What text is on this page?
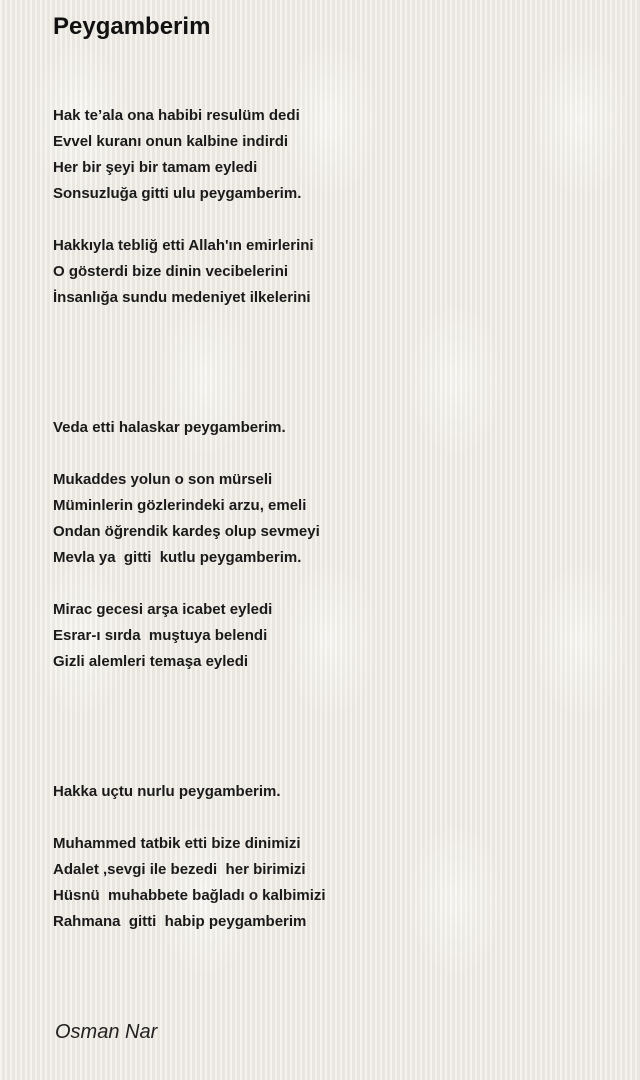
Peygamberim
Hak te’ala ona habibi resulüm dedi
Evvel kuranı onun kalbine indirdi
Her bir şeyi bir tamam eyledi
Sonsuzluğa gitti ulu peygamberim.
Hakkıyla tebliğ etti Allah'ın emirlerini
O gösterdi bize dinin vecibelerini
İnsanlığa sundu medeniyet ilkelerini
Veda etti halaskar peygamberim.
Mukaddes yolun o son mürseli
Müminlerin gözlerindeki arzu, emeli
Ondan öğrendik kardeş olup sevmeyi
Mevla ya  gitti  kutlu peygamberim.
Mirac gecesi arşa icabet eyledi
Esrar-ı sırda  muştuya belendi
Gizli alemleri temaşa eyledi
Hakka uçtu nurlu peygamberim.
Muhammed tatbik etti bize dinimizi
Adalet ,sevgi ile bezedi  her birimizi
Hüsnü  muhabbete bağladı o kalbimizi
Rahmana  gitti  habip peygamberim
Osman Nar
